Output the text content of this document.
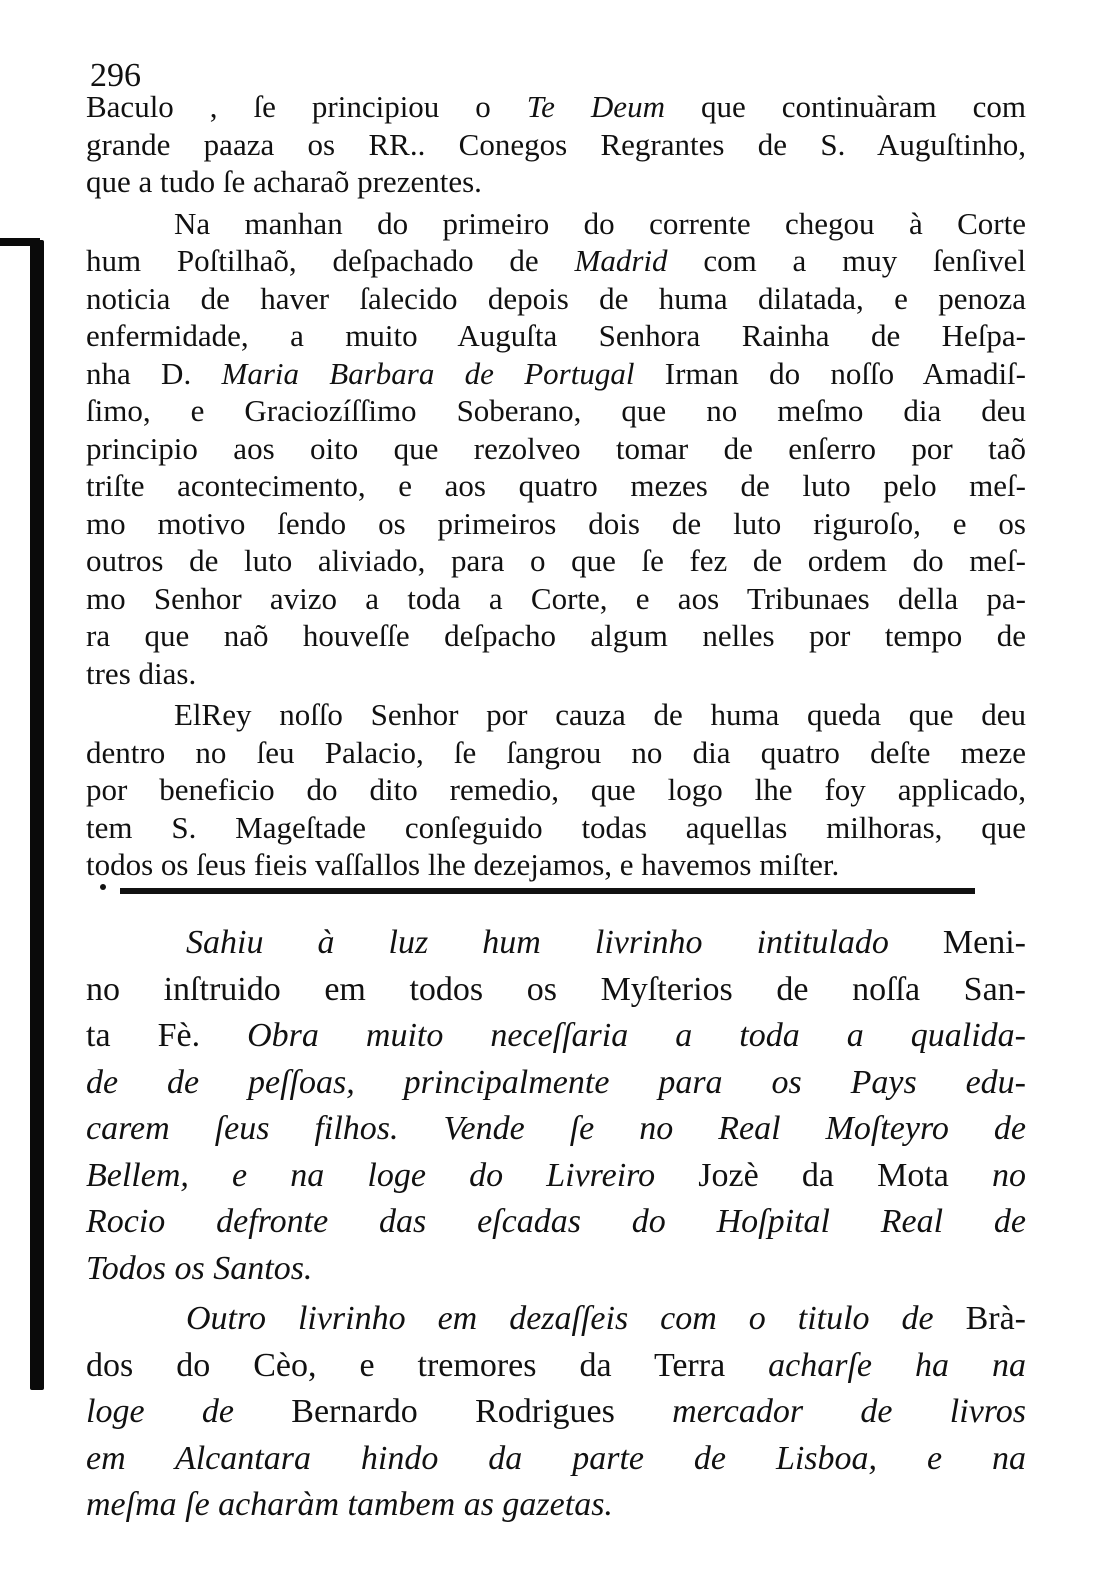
296
Baculo , ſe principiou o Te Deum que continuàram com
grande paaza os RR.. Conegos Regrantes de S. Auguſtinho,
que a tudo ſe acharaõ prezentes.
Na manhan do primeiro do corrente chegou à Corte
hum Poſtilhaõ, deſpachado de Madrid com a muy ſenſivel
noticia de haver ſalecido depois de huma dilatada, e penoza
enfermidade, a muito Auguſta Senhora Rainha de Heſpa-
nha D. Maria Barbara de Portugal Irman do noſſo Amadiſ-
ſimo, e Graciozíſſimo Soberano, que no meſmo dia deu
principio aos oito que rezolveo tomar de enſerro por taõ
triſte acontecimento, e aos quatro mezes de luto pelo meſ-
mo motivo ſendo os primeiros dois de luto riguroſo, e os
outros de luto aliviado, para o que ſe fez de ordem do meſ-
mo Senhor avizo a toda a Corte, e aos Tribunaes della pa-
ra que naõ houveſſe deſpacho algum nelles por tempo de
tres dias.
ElRey noſſo Senhor por cauza de huma queda que deu
dentro no ſeu Palacio, ſe ſangrou no dia quatro deſte meze
por beneficio do dito remedio, que logo lhe foy applicado,
tem S. Mageſtade conſeguido todas aquellas milhoras, que
todos os ſeus fieis vaſſallos lhe dezejamos, e havemos miſter.
Sahiu à luz hum livrinho intitulado Meni-
no inſtruido em todos os Myſterios de noſſa San-
ta Fè. Obra muito neceſſaria a toda a qualida-
de de peſſoas, principalmente para os Pays edu-
carem ſeus filhos. Vende ſe no Real Moſteyro de
Bellem, e na loge do Livreiro Jozè da Mota no
Rocio defronte das eſcadas do Hoſpital Real de
Todos os Santos.
Outro livrinho em dezaſſeis com o titulo de Brà-
dos do Cèo, e tremores da Terra acharſe ha na
loge de Bernardo Rodrigues mercador de livros
em Alcantara hindo da parte de Lisboa, e na
meſma ſe acharàm tambem as gazetas.
